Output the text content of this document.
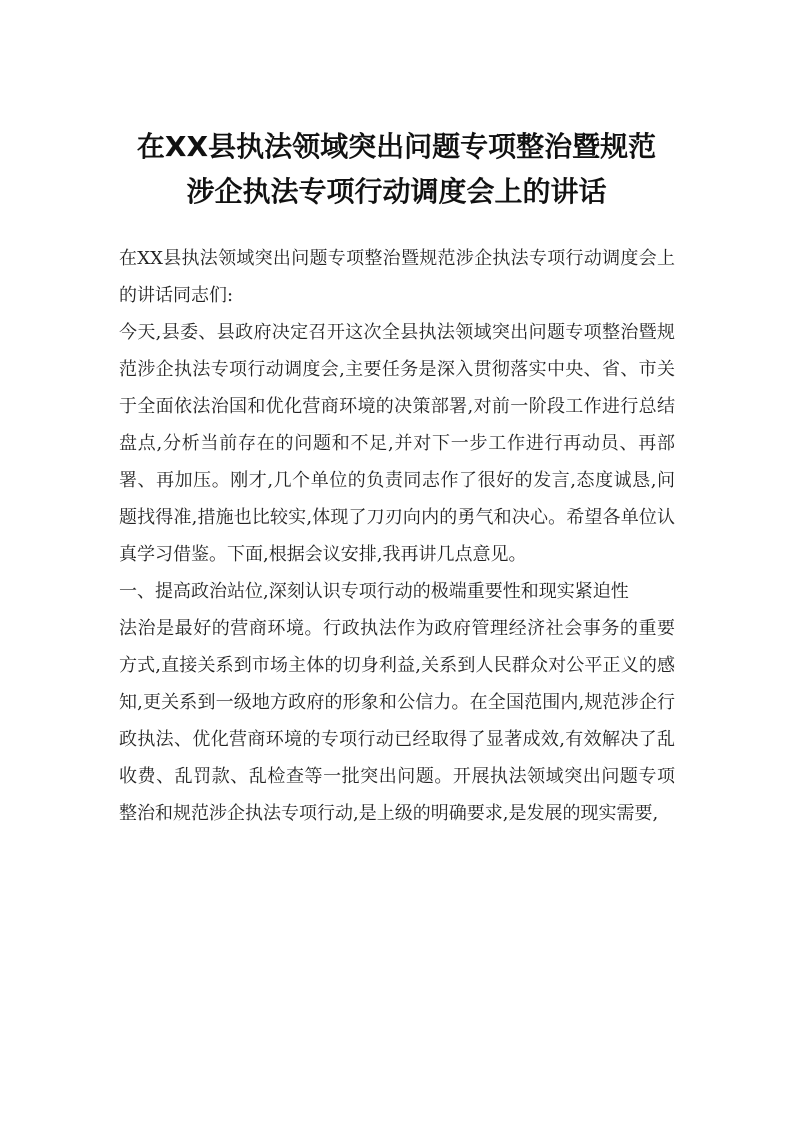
在XX县执法领域突出问题专项整治暨规范
涉企执法专项行动调度会上的讲话

在XX县执法领域突出问题专项整治暨规范涉企执法专项行动调度会上的讲话同志们:

今天,县委、县政府决定召开这次全县执法领域突出问题专项整治暨规范涉企执法专项行动调度会,主要任务是深入贯彻落实中央、省、市关于全面依法治国和优化营商环境的决策部署,对前一阶段工作进行总结盘点,分析当前存在的问题和不足,并对下一步工作进行再动员、再部署、再加压。刚才,几个单位的负责同志作了很好的发言,态度诚恳,问题找得准,措施也比较实,体现了刀刃向内的勇气和决心。希望各单位认真学习借鉴。下面,根据会议安排,我再讲几点意见。

一、提高政治站位,深刻认识专项行动的极端重要性和现实紧迫性

法治是最好的营商环境。行政执法作为政府管理经济社会事务的重要方式,直接关系到市场主体的切身利益,关系到人民群众对公平正义的感知,更关系到一级地方政府的形象和公信力。在全国范围内,规范涉企行政执法、优化营商环境的专项行动已经取得了显著成效,有效解决了乱收费、乱罚款、乱检查等一批突出问题。开展执法领域突出问题专项整治和规范涉企执法专项行动,是上级的明确要求,是发展的现实需要,
